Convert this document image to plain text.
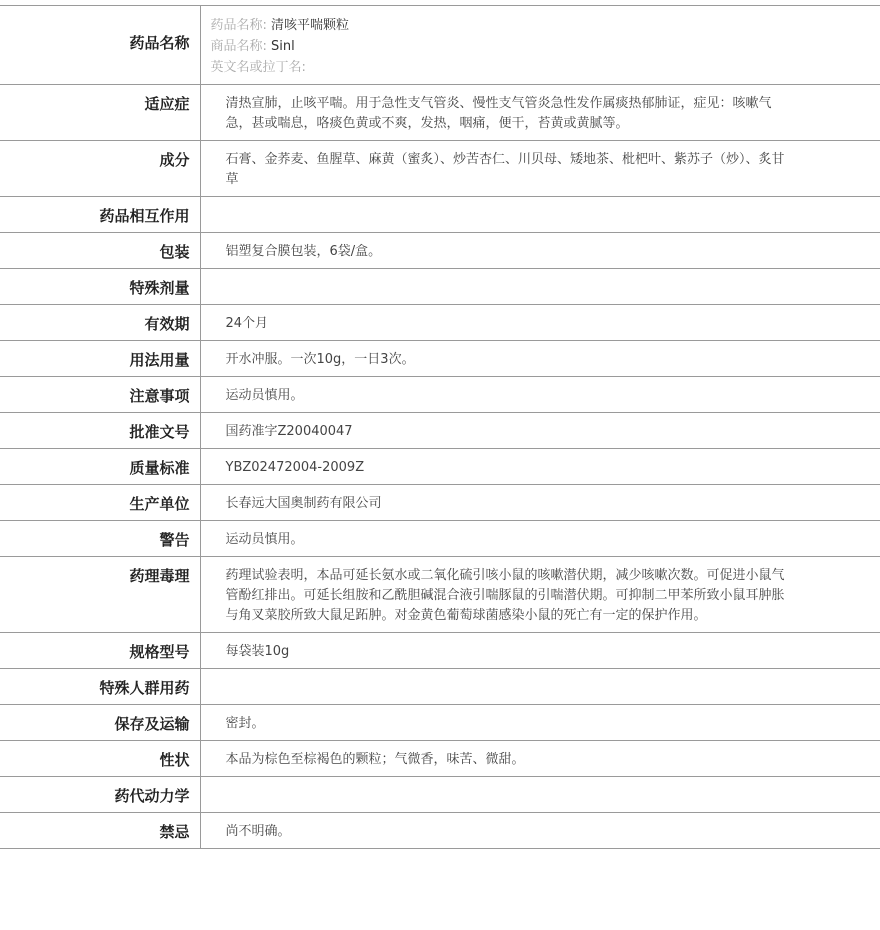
药品名称	药品名称: 清咳平喘颗粒
商品名称: Sinl
英文名或拉丁名:

适应症	清热宣肺，止咳平喘。用于急性支气管炎、慢性支气管炎急性发作属痰热郁肺证，症见：咳嗽气急，甚或喘息，咯痰色黄或不爽，发热，咽痛，便干，苔黄或黄腻等。
成分	石膏、金荞麦、鱼腥草、麻黄（蜜炙）、炒苦杏仁、川贝母、矮地茶、枇杷叶、紫苏子（炒）、炙甘草
药品相互作用	
包装	铝塑复合膜包装，6袋/盒。
特殊剂量	
有效期	24个月
用法用量	开水冲服。一次10g，一日3次。
注意事项	运动员慎用。
批准文号	国药准字Z20040047
质量标准	YBZ02472004-2009Z
生产单位	长春远大国奥制药有限公司
警告	运动员慎用。
药理毒理	药理试验表明，本品可延长氨水或二氧化硫引咳小鼠的咳嗽潜伏期，减少咳嗽次数。可促进小鼠气管酚红排出。可延长组胺和乙酰胆碱混合液引喘豚鼠的引喘潜伏期。可抑制二甲苯所致小鼠耳肿胀与角叉菜胶所致大鼠足跖肿。对金黄色葡萄球菌感染小鼠的死亡有一定的保护作用。
规格型号	每袋装10g
特殊人群用药	
保存及运输	密封。
性状	本品为棕色至棕褐色的颗粒；气微香，味苦、微甜。
药代动力学	
禁忌	尚不明确。
